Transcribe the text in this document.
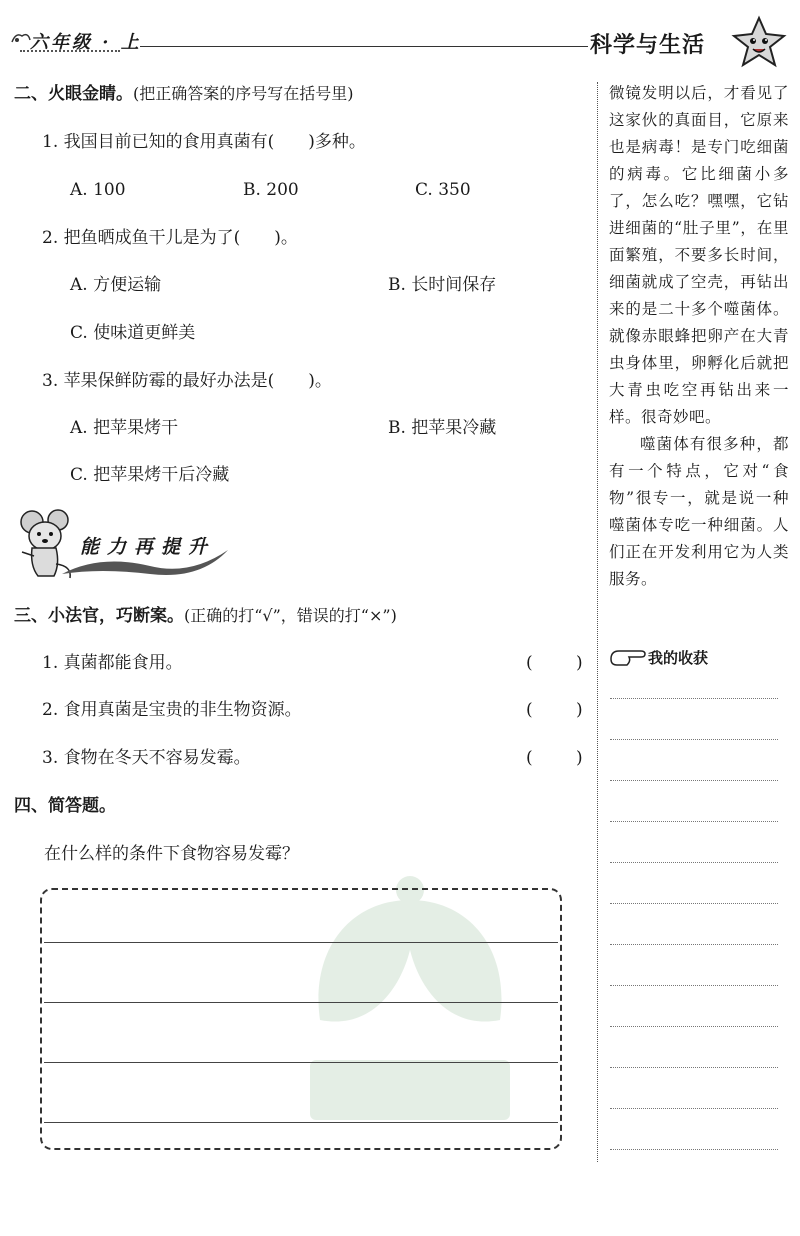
六年级 · 上	科学与生活
二、火眼金睛。(把正确答案的序号写在括号里)
1. 我国目前已知的食用真菌有(　　)多种。
A. 100	B. 200	C. 350
2. 把鱼晒成鱼干儿是为了(　　)。
A. 方便运输	B. 长时间保存
C. 使味道更鲜美
3. 苹果保鲜防霉的最好办法是(　　)。
A. 把苹果烤干	B. 把苹果冷藏
C. 把苹果烤干后冷藏
能力再提升
三、小法官，巧断案。(正确的打“√”，错误的打“×”)
1. 真菌都能食用。	(	)
2. 食用真菌是宝贵的非生物资源。	(	)
3. 食物在冬天不容易发霉。	(	)
四、简答题。
在什么样的条件下食物容易发霉？

微镜发明以后，才看见了这家伙的真面目，它原来也是病毒！是专门吃细菌的病毒。它比细菌小多了，怎么吃？嘿嘿，它钻进细菌的“肚子里”，在里面繁殖，不要多长时间，细菌就成了空壳，再钻出来的是二十多个噬菌体。就像赤眼蜂把卵产在大青虫身体里，卵孵化后就把大青虫吃空再钻出来一样。很奇妙吧。

噬菌体有很多种，都有一个特点，它对“食物”很专一，就是说一种噬菌体专吃一种细菌。人们正在开发利用它为人类服务。

我的收获
